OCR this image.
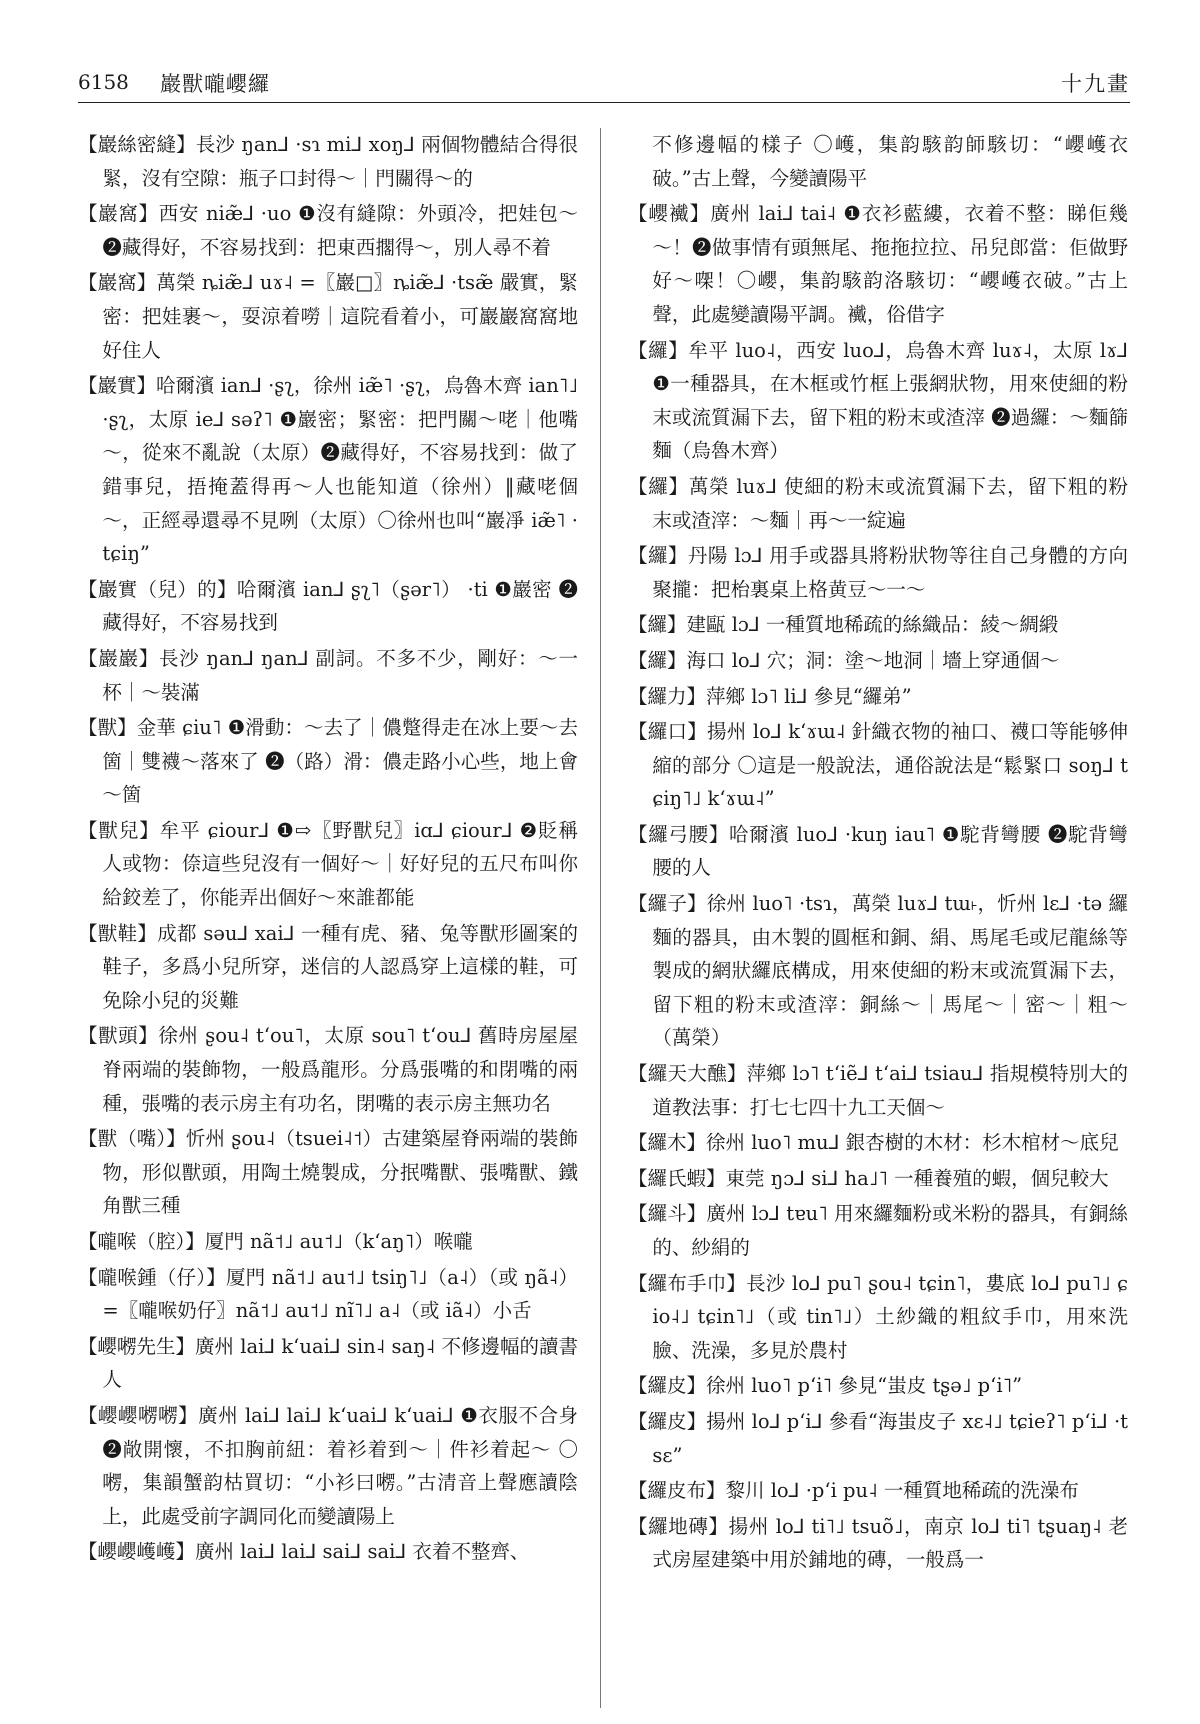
6158 巖獸嚨巊纙	十九畫

【巖絲密縫】長沙 ŋan⅃ ·sɿ mi⅃ xoŋ⅃ 兩個物體結合得很緊，沒有空隙：瓶子口封得～｜門關得～的

【巖窩】西安 niæ̃⅃ ·uo ❶沒有縫隙：外頭冷，把娃包～ ❷藏得好，不容易找到：把東西擱得～，別人尋不着

【巖窩】萬榮 ȵiæ̃⅃ uɤ˨ =〖巖□〗ȵiæ̃⅃ ·tsæ̃ 嚴實，緊密：把娃裹～，耍涼着嘮｜這院看着小，可巖巖窩窩地好住人

【巖實】哈爾濱 ian⅃ ·ʂʅ，徐州 iæ̃˥ ·ʂʅ，烏魯木齊 ian˥˩ ·ʂʅ，太原 ie⅃ səʔ˥ ❶巖密；緊密：把門關～咾｜他嘴～，從來不亂說（太原）❷藏得好，不容易找到：做了錯事兒，捂掩蓋得再～人也能知道（徐州）‖藏咾個～，正經尋還尋不見咧（太原）〇徐州也叫“巖凈 iæ̃˥ ·tɕiŋ”

【巖實（兒）的】哈爾濱 ian⅃ ʂʅ˥（ʂər˥） ·ti ❶巖密 ❷藏得好，不容易找到

【巖巖】長沙 ŋan⅃ ŋan⅃ 副詞。不多不少，剛好：～一杯｜～裝滿

【獸】金華 ɕiu˥ ❶滑動：～去了｜儂蹩得走在冰上要～去箇｜雙襪～落來了 ❷（路）滑：儂走路小心些，地上會～箇

【獸兒】牟平 ɕiour⅃ ❶⇨〖野獸兒〗iɑ⅃ ɕiour⅃ ❷貶稱人或物：倷這些兒沒有一個好～｜好好兒的五尺布叫你給鉸差了，你能弄出個好～來誰都能

【獸鞋】成都 səu⅃ xai⅃ 一種有虎、豬、兔等獸形圖案的鞋子，多爲小兒所穿，迷信的人認爲穿上這樣的鞋，可免除小兒的災難

【獸頭】徐州 ʂou˨ tʻou˥，太原 sou˥ tʻou⅃ 舊時房屋屋脊兩端的裝飾物，一般爲龍形。分爲張嘴的和閉嘴的兩種，張嘴的表示房主有功名，閉嘴的表示房主無功名

【獸（嘴）】忻州 ʂou˨（tsuei˨˦）古建築屋脊兩端的裝飾物，形似獸頭，用陶土燒製成，分抿嘴獸、張嘴獸、鐵角獸三種

【嚨喉（腔）】厦門 nã˦˩ au˦˩（kʻaŋ˥）喉嚨

【嚨喉鍾（仔）】厦門 nã˦˩ au˦˩ tsiŋ˥˩（a˨）（或 ŋã˨）=〖嚨喉奶仔〗nã˦˩ au˦˩ nĩ˥˩ a˨（或 iã˨）小舌

【巊㘄先生】廣州 lai⅃ kʻuai⅃ sin˨ saŋ˨ 不修邊幅的讀書人

【巊巊㘄㘄】廣州 lai⅃ lai⅃ kʻuai⅃ kʻuai⅃ ❶衣服不合身 ❷敞開懷，不扣胸前紐：着衫着到～｜件衫着起～ 〇㘄，集韻蟹韵枯買切：“小衫曰㘄。”古清音上聲應讀陰上，此處受前字調同化而變讀陽上

【巊巊㠛㠛】廣州 lai⅃ lai⅃ sai⅃ sai⅃ 衣着不整齊、

不修邊幅的樣子 〇㠛，集韵駭韵師駭切：“巊㠛衣破。”古上聲，今變讀陽平

【巊襶】廣州 lai⅃ tai˨ ❶衣衫藍縷，衣着不整：睇佢幾～！❷做事情有頭無尾、拖拖拉拉、吊兒郎當：佢做野好～㗎！〇巊，集韵駭韵洛駭切：“巊㠛衣破。”古上聲，此處變讀陽平調。襶，俗借字

【纙】牟平 luo˨，西安 luo⅃，烏魯木齊 luɤ˨，太原 lɤ⅃ ❶一種器具，在木框或竹框上張網狀物，用來使細的粉末或流質漏下去，留下粗的粉末或渣滓 ❷過纙：～麵篩麵（烏魯木齊）

【纙】萬榮 luɤ⅃ 使細的粉末或流質漏下去，留下粗的粉末或渣滓：～麵｜再～一綻遍

【纙】丹陽 lɔ⅃ 用手或器具將粉狀物等往自己身體的方向聚攏：把枱裏桌上格黄豆～一～

【纙】建甌 lɔ⅃ 一種質地稀疏的絲織品：綾～綢緞

【纙】海口 lo⅃ 穴；洞：塗～地洞｜墻上穿通個～

【纙力】萍鄉 lɔ˥ li⅃ 參見“纙弟”

【纙口】揚州 lo⅃ kʻɤɯ˨ 針織衣物的袖口、襪口等能够伸縮的部分 〇這是一般說法，通俗說法是“鬆緊口 soŋ⅃ tɕiŋ˥˩ kʻɤɯ˨”

【纙弓腰】哈爾濱 luo⅃ ·kuŋ iau˥ ❶駝背彎腰 ❷駝背彎腰的人

【纙子】徐州 luo˥ ·tsɿ，萬榮 luɤ⅃ tɯ˫，忻州 lɛ⅃ ·tə 纙麵的器具，由木製的圓框和銅、絹、馬尾毛或尼龍絲等製成的網狀纙底構成，用來使細的粉末或流質漏下去，留下粗的粉末或渣滓：銅絲～｜馬尾～｜密～｜粗～（萬榮）

【纙天大醮】萍鄉 lɔ˥ tʻiẽ⅃ tʻai⅃ tsiau⅃ 指規模特別大的道教法事：打七七四十九工天個～

【纙木】徐州 luo˥ mu⅃ 銀杏樹的木材：杉木棺材～底兒

【纙氏蝦】東莞 ŋɔ⅃ si⅃ ha˩˥ 一種養殖的蝦，個兒較大

【纙斗】廣州 lɔ⅃ tɐu˥ 用來纙麵粉或米粉的器具，有銅絲的、紗絹的

【纙布手巾】長沙 lo⅃ pu˥ ʂou˨ tɕin˥，婁底 lo⅃ pu˥˩ ɕio˨˩ tɕin˥˩（或 tin˥˩）土紗織的粗紋手巾，用來洗臉、洗澡，多見於農村

【纙皮】徐州 luo˥ pʻi˥ 參見“蚩皮 tʂə˩ pʻi˥”

【纙皮】揚州 lo⅃ pʻi⅃ 參看“海蚩皮子 xɛ˨˩ tɕieʔ˥ pʻi⅃ ·tsɛ”

【纙皮布】黎川 lo⅃ ·pʻi pu˨ 一種質地稀疏的洗澡布

【纙地磚】揚州 lo⅃ ti˥˩ tsuõ˩，南京 lo⅃ ti˥ tʂuaŋ˨ 老式房屋建築中用於鋪地的磚，一般爲一
